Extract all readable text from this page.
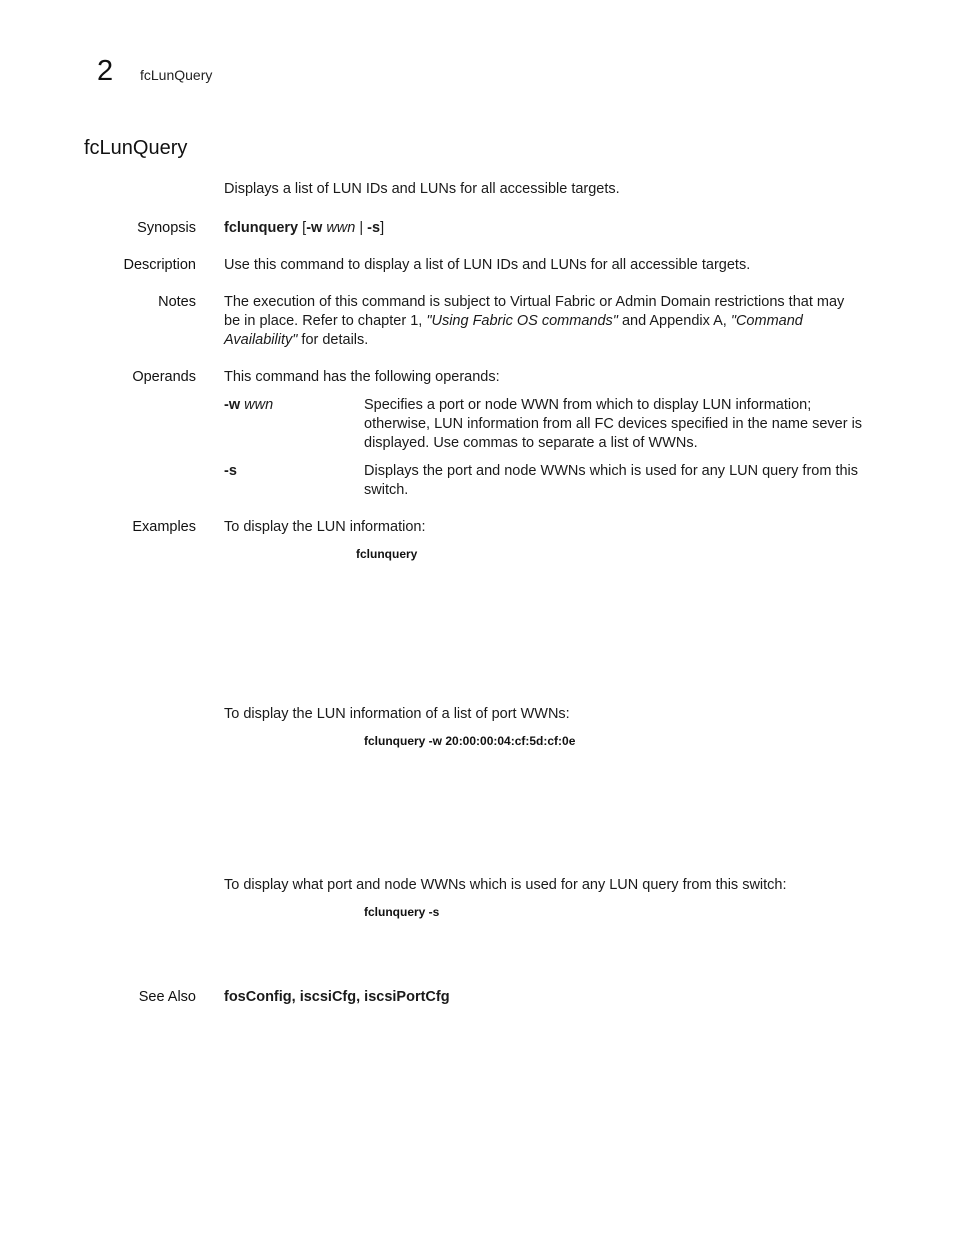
2 fcLunQuery
fcLunQuery
Displays a list of LUN IDs and LUNs for all accessible targets.
Synopsis fclunquery [-w wwn | -s]
Description Use this command to display a list of LUN IDs and LUNs for all accessible targets.
Notes The execution of this command is subject to Virtual Fabric or Admin Domain restrictions that may
be in place. Refer to chapter 1, "Using Fabric OS commands" and Appendix A, "Command
Availability" for details.
Operands This command has the following operands:
-w wwn	Specifies a port or node WWN from which to display LUN information;
otherwise, LUN information from all FC devices specified in the name sever is
displayed. Use commas to separate a list of WWNs.
-s	Displays the port and node WWNs which is used for any LUN query from this
switch.
Examples To display the LUN information:
fclunquery
To display the LUN information of a list of port WWNs:
fclunquery -w 20:00:00:04:cf:5d:cf:0e
To display what port and node WWNs which is used for any LUN query from this switch:
fclunquery -s
See Also fosConfig, iscsiCfg, iscsiPortCfg
